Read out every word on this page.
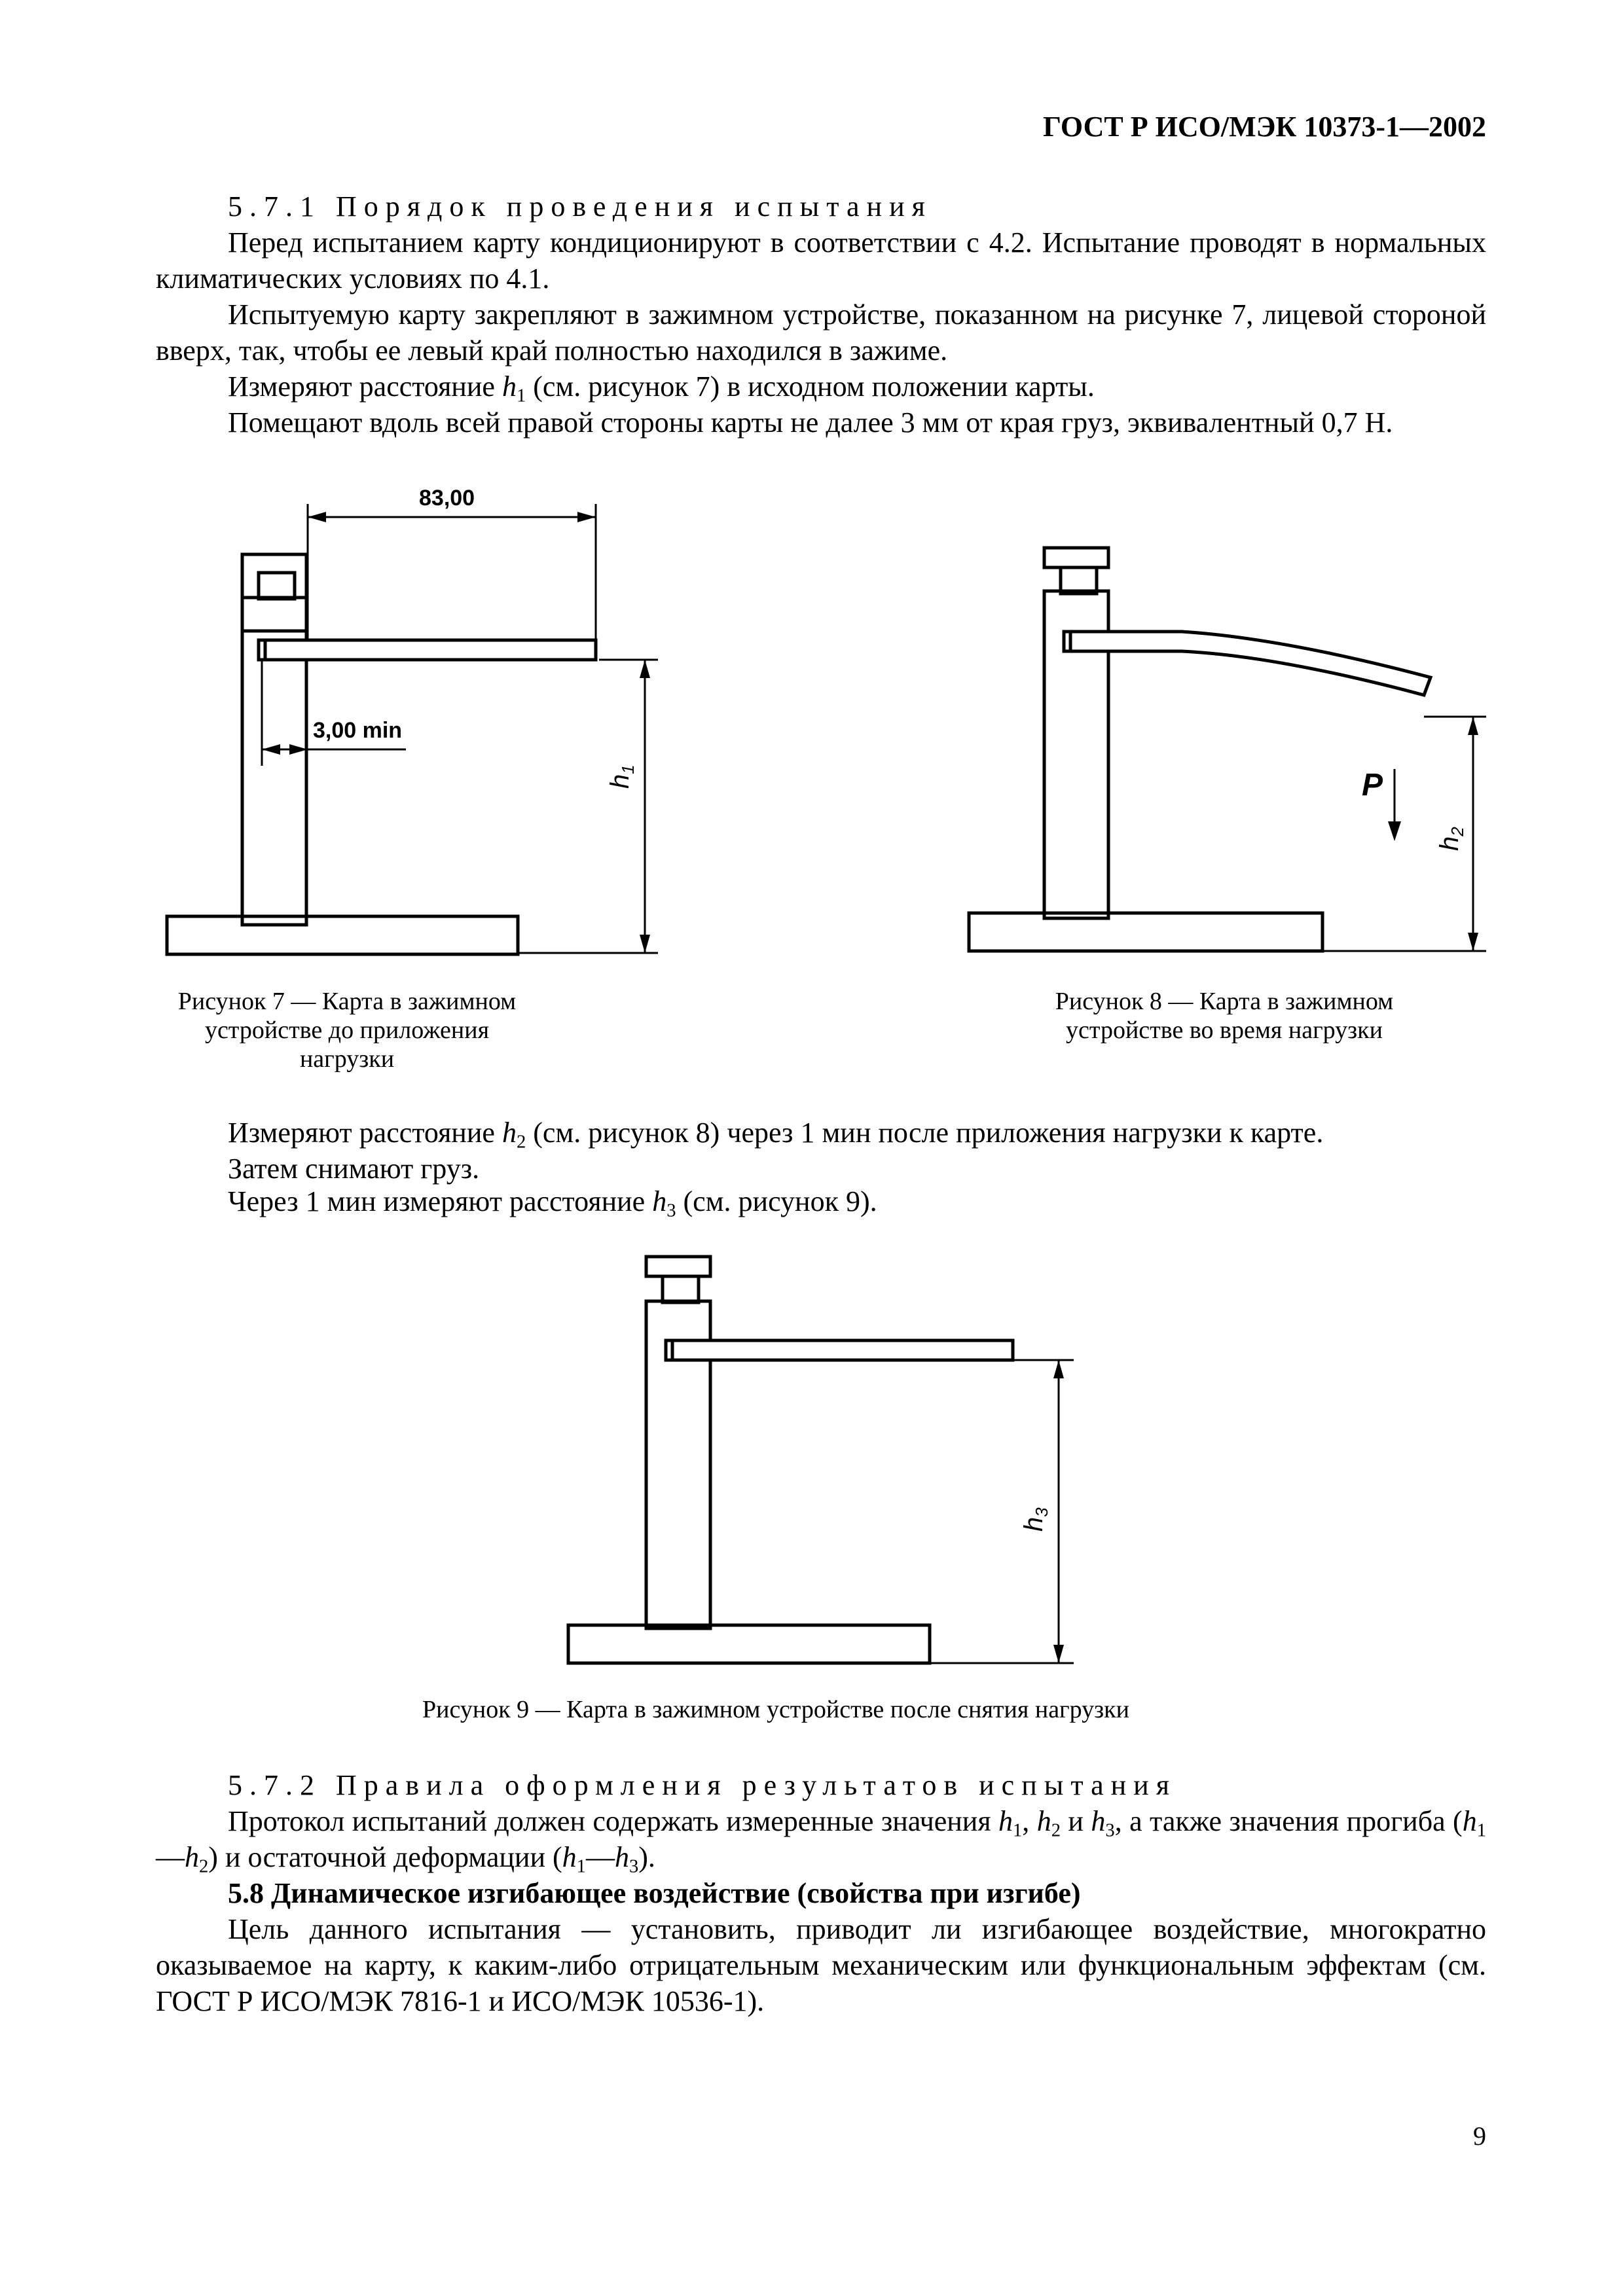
ГОСТ Р ИСО/МЭК 10373-1—2002
5.7.1 Порядок проведения испытания
Перед испытанием карту кондиционируют в соответствии с 4.2. Испытание проводят в нормальных климатических условиях по 4.1.
Испытуемую карту закрепляют в зажимном устройстве, показанном на рисунке 7, лицевой стороной вверх, так, чтобы ее левый край полностью находился в зажиме.
Измеряют расстояние $h_1$ (см. рисунок 7) в исходном положении карты.
Помещают вдоль всей правой стороны карты не далее 3 мм от края груз, эквивалентный 0,7 Н.
83,00
3,00 min
$h_1$
Рисунок 7 — Карта в зажимном
устройстве до приложения нагрузки
P
$h_2$
Рисунок 8 — Карта в зажимном
устройстве во время нагрузки
Измеряют расстояние $h_2$ (см. рисунок 8) через 1 мин после приложения нагрузки к карте.
Затем снимают груз.
Через 1 мин измеряют расстояние $h_3$ (см. рисунок 9).
$h_3$
Рисунок 9 — Карта в зажимном устройстве после снятия нагрузки
5.7.2 Правила оформления результатов испытания
Протокол испытаний должен содержать измеренные значения $h_1$, $h_2$ и $h_3$, а также значения прогиба $(h_1—h_2)$ и остаточной деформации $(h_1—h_3)$.
5.8 Динамическое изгибающее воздействие (свойства при изгибе)
Цель данного испытания — установить, приводит ли изгибающее воздействие, многократно оказываемое на карту, к каким-либо отрицательным механическим или функциональным эффектам (см. ГОСТ Р ИСО/МЭК 7816-1 и ИСО/МЭК 10536-1).
9
